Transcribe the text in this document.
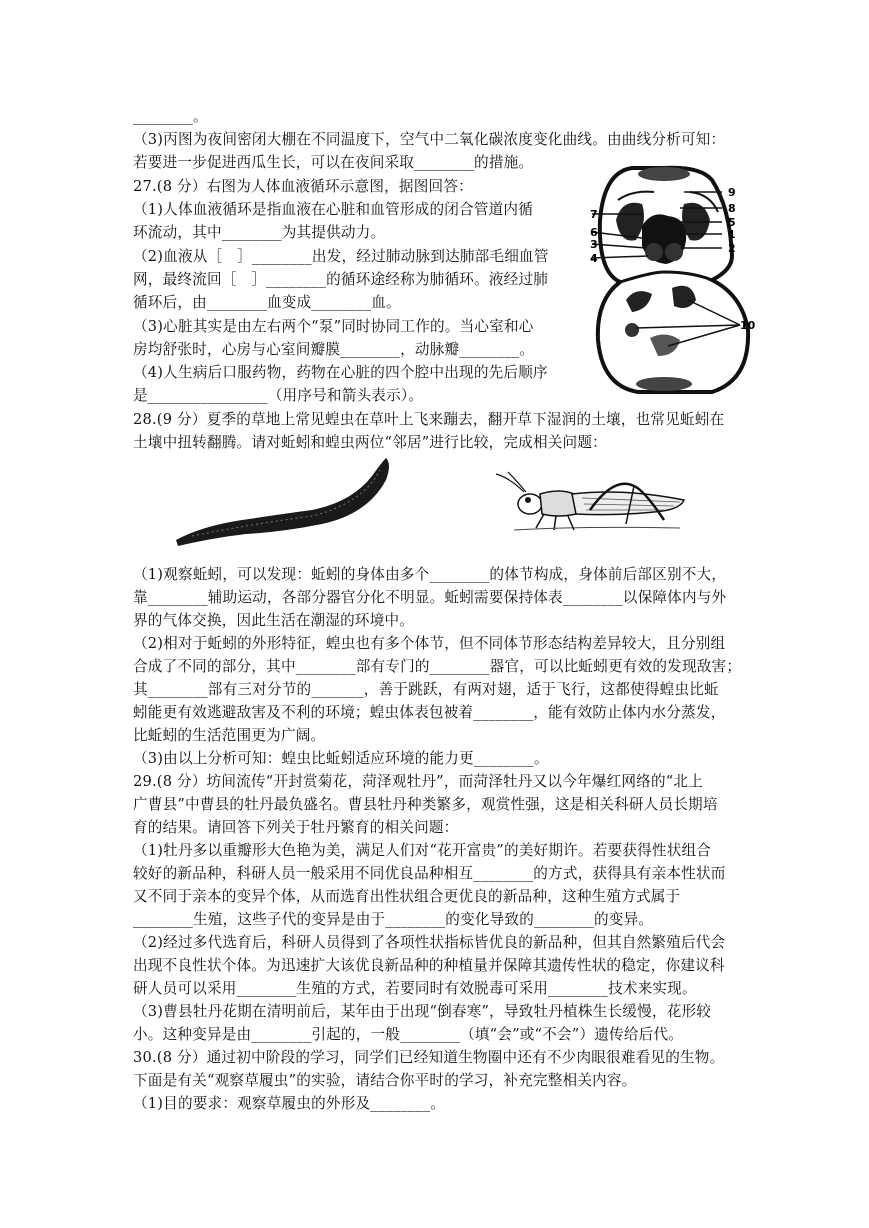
________。
（3)丙图为夜间密闭大棚在不同温度下，空气中二氧化碳浓度变化曲线。由曲线分析可知：
若要进一步促进西瓜生长，可以在夜间采取________的措施。
27.(8 分）右图为人体血液循环示意图，据图回答：
（1)人体血液循环是指血液在心脏和血管形成的闭合管道内循
环流动，其中________为其提供动力。
（2)血液从［　］________出发，经过肺动脉到达肺部毛细血管
网，最终流回［　］________的循环途经称为肺循环。液经过肺
循环后，由________血变成________血。
（3)心脏其实是由左右两个“泵”同时协同工作的。当心室和心
房均舒张时，心房与心室间瓣膜________，动脉瓣________。
（4)人生病后口服药物，药物在心脏的四个腔中出现的先后顺序
是________________（用序号和箭头表示）。
28.(9 分）夏季的草地上常见蝗虫在草叶上飞来蹦去，翻开草下湿润的土壤，也常见蚯蚓在
土壤中扭转翻腾。请对蚯蚓和蝗虫两位“邻居”进行比较，完成相关问题：
（1)观察蚯蚓，可以发现：蚯蚓的身体由多个________的体节构成，身体前后部区别不大，
靠________辅助运动，各部分器官分化不明显。蚯蚓需要保持体表________以保障体内与外
界的气体交换，因此生活在潮湿的环境中。
（2)相对于蚯蚓的外形特征，蝗虫也有多个体节，但不同体节形态结构差异较大，且分别组
合成了不同的部分，其中________部有专门的________器官，可以比蚯蚓更有效的发现敌害；
其________部有三对分节的_______，善于跳跃，有两对翅，适于飞行，这都使得蝗虫比蚯
蚓能更有效逃避敌害及不利的环境；蝗虫体表包被着________，能有效防止体内水分蒸发，
比蚯蚓的生活范围更为广阔。
（3)由以上分析可知：蝗虫比蚯蚓适应环境的能力更________。
29.(8 分）坊间流传“开封赏菊花，菏泽观牡丹”，而菏泽牡丹又以今年爆红网络的“北上
广曹县”中曹县的牡丹最负盛名。曹县牡丹种类繁多，观赏性强，这是相关科研人员长期培
育的结果。请回答下列关于牡丹繁育的相关问题：
（1)牡丹多以重瓣形大色艳为美，满足人们对“花开富贵”的美好期许。若要获得性状组合
较好的新品种，科研人员一般采用不同优良品种相互________的方式，获得具有亲本性状而
又不同于亲本的变异个体，从而选育出性状组合更优良的新品种，这种生殖方式属于
________生殖，这些子代的变异是由于________的变化导致的________的变异。
（2)经过多代选育后，科研人员得到了各项性状指标皆优良的新品种，但其自然繁殖后代会
出现不良性状个体。为迅速扩大该优良新品种的种植量并保障其遗传性状的稳定，你建议科
研人员可以采用________生殖的方式，若要同时有效脱毒可采用________技术来实现。
（3)曹县牡丹花期在清明前后，某年由于出现“倒春寒”，导致牡丹植株生长缓慢，花形较
小。这种变异是由________引起的，一般________（填“会”或“不会”）遗传给后代。
30.(8 分）通过初中阶段的学习，同学们已经知道生物圈中还有不少肉眼很难看见的生物。
下面是有关“观察草履虫”的实验，请结合你平时的学习，补充完整相关内容。
（1)目的要求：观察草履虫的外形及________。
9
8
5
1
2
7
6
3
4
10
